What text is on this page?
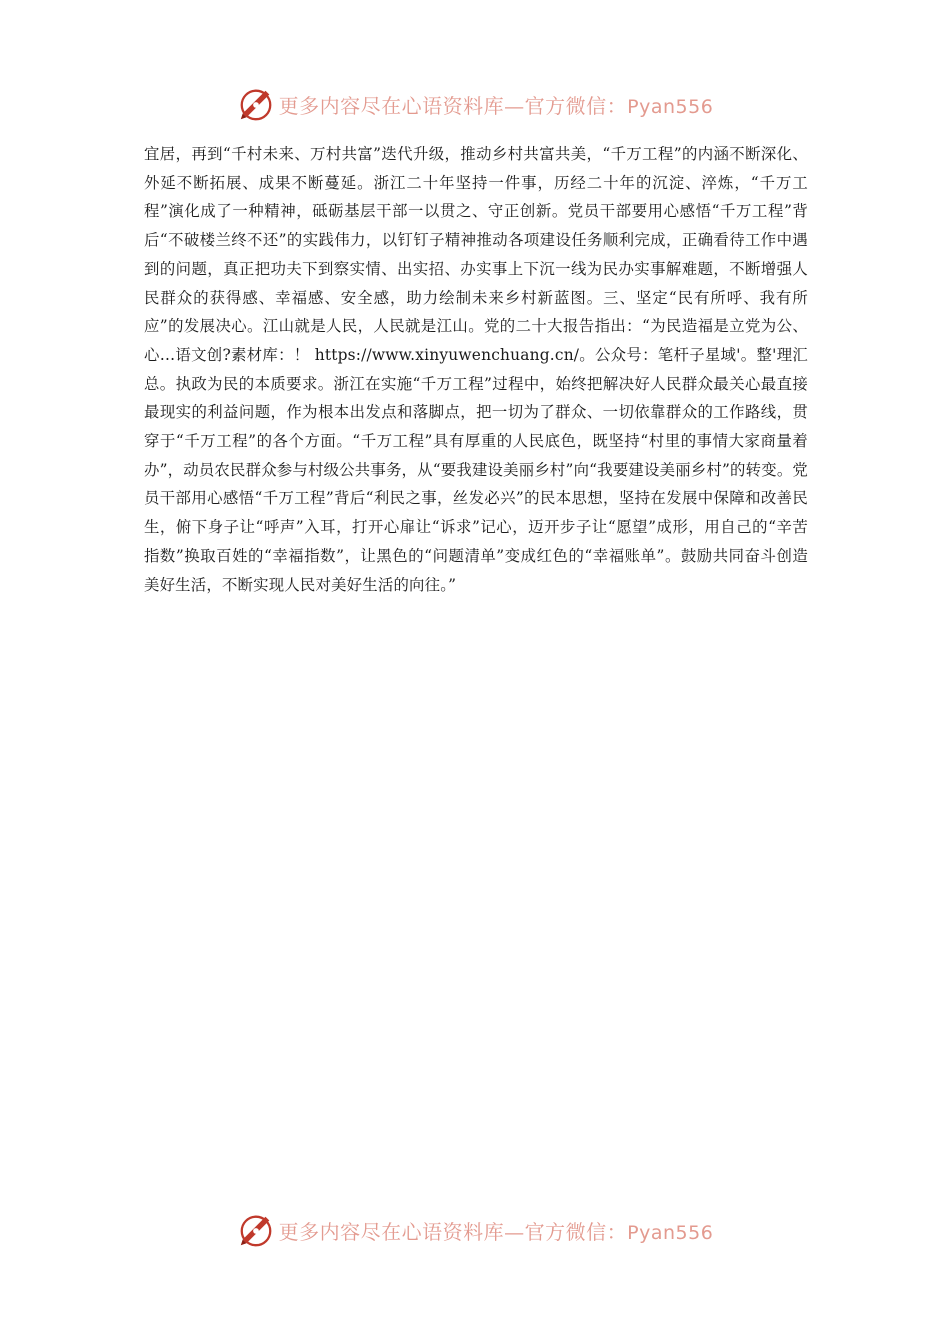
更多内容尽在心语资料库—官方微信：Pyan556

宜居，再到“千村未来、万村共富”迭代升级，推动乡村共富共美，“千万工程”的内涵不断深化、外延不断拓展、成果不断蔓延。浙江二十年坚持一件事，历经二十年的沉淀、淬炼，“千万工程”演化成了一种精神，砥砺基层干部一以贯之、守正创新。党员干部要用心感悟“千万工程”背后“不破楼兰终不还”的实践伟力，以钉钉子精神推动各项建设任务顺利完成，正确看待工作中遇到的问题，真正把功夫下到察实情、出实招、办实事上下沉一线为民办实事解难题，不断增强人民群众的获得感、幸福感、安全感，助力绘制未来乡村新蓝图。三、坚定“民有所呼、我有所应”的发展决心。江山就是人民，人民就是江山。党的二十大报告指出：“为民造福是立党为公、心…语文创?素材库：！ https://www.xinyuwenchuang.cn/。公众号：笔杆子星域'。整'理汇总。执政为民的本质要求。浙江在实施“千万工程”过程中，始终把解决好人民群众最关心最直接最现实的利益问题，作为根本出发点和落脚点，把一切为了群众、一切依靠群众的工作路线，贯穿于“千万工程”的各个方面。“千万工程”具有厚重的人民底色，既坚持“村里的事情大家商量着办”，动员农民群众参与村级公共事务，从“要我建设美丽乡村”向“我要建设美丽乡村”的转变。党员干部用心感悟“千万工程”背后“利民之事，丝发必兴”的民本思想，坚持在发展中保障和改善民生，俯下身子让“呼声”入耳，打开心扉让“诉求”记心，迈开步子让“愿望”成形，用自己的“辛苦指数”换取百姓的“幸福指数”，让黑色的“问题清单”变成红色的“幸福账单”。鼓励共同奋斗创造美好生活，不断实现人民对美好生活的向往。”

更多内容尽在心语资料库—官方微信：Pyan556
